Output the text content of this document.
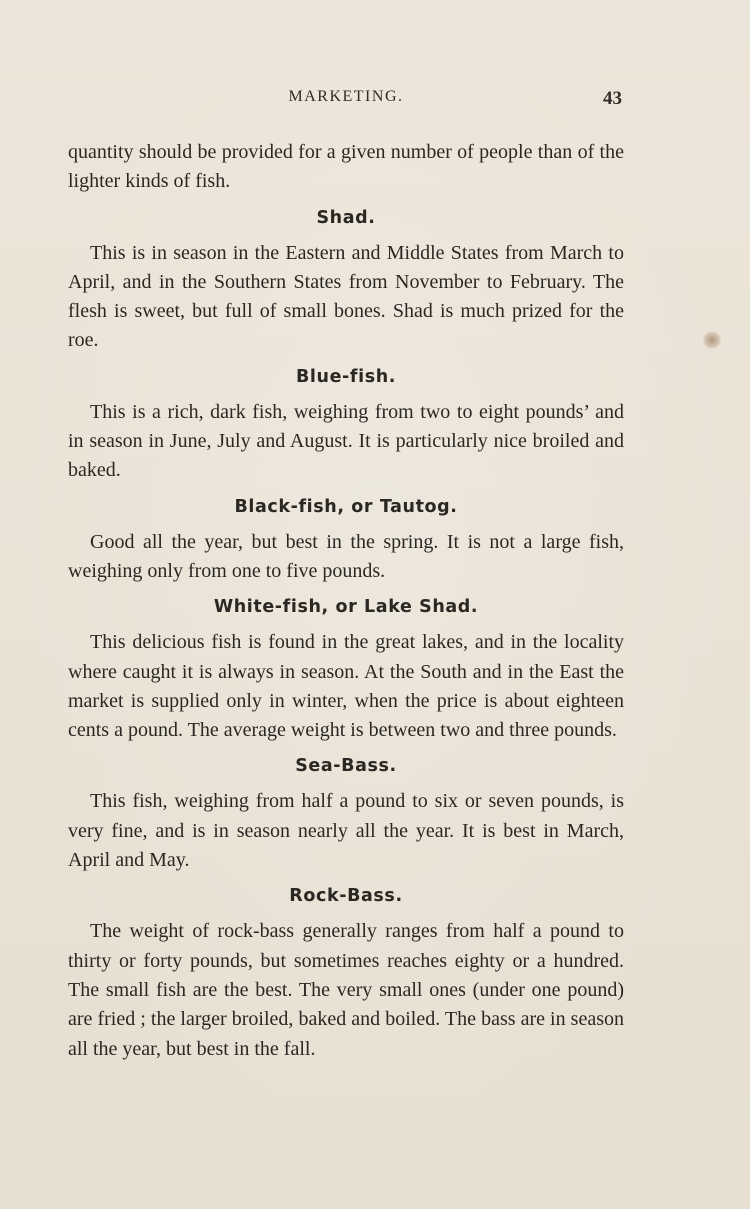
MARKETING.	43

quantity should be provided for a given number of people than of the lighter kinds of fish.

Shad.

This is in season in the Eastern and Middle States from March to April, and in the Southern States from November to February. The flesh is sweet, but full of small bones. Shad is much prized for the roe.

Blue-fish.

This is a rich, dark fish, weighing from two to eight pounds’ and in season in June, July and August. It is particularly nice broiled and baked.

Black-fish, or Tautog.

Good all the year, but best in the spring. It is not a large fish, weighing only from one to five pounds.

White-fish, or Lake Shad.

This delicious fish is found in the great lakes, and in the locality where caught it is always in season. At the South and in the East the market is supplied only in winter, when the price is about eighteen cents a pound. The average weight is between two and three pounds.

Sea-Bass.

This fish, weighing from half a pound to six or seven pounds, is very fine, and is in season nearly all the year. It is best in March, April and May.

Rock-Bass.

The weight of rock-bass generally ranges from half a pound to thirty or forty pounds, but sometimes reaches eighty or a hundred. The small fish are the best. The very small ones (under one pound) are fried ; the larger broiled, baked and boiled. The bass are in season all the year, but best in the fall.
